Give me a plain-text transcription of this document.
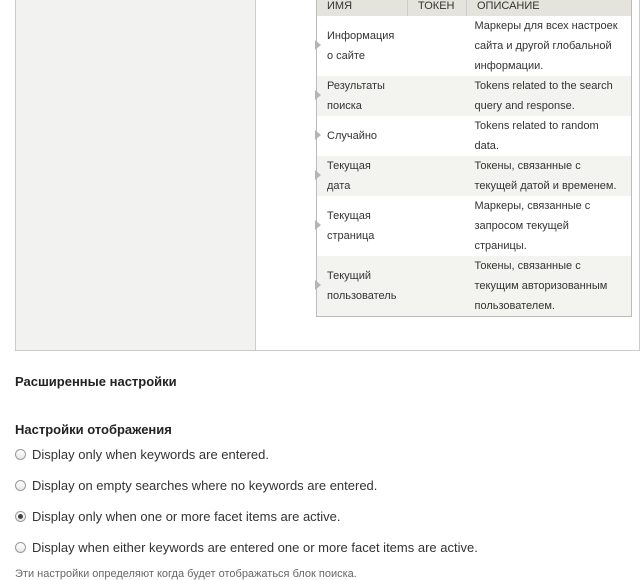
ИМЯ	ТОКЕН	ОПИСАНИЕ

Информация
о сайте		Маркеры для всех настроек
сайта и другой глобальной
информации.

Результаты
поиска		Tokens related to the search
query and response.

Случайно		Tokens related to random
data.

Текущая
дата		Токены, связанные с
текущей датой и временем.

Текущая
страница		Маркеры, связанные с
запросом текущей
страницы.

Текущий
пользователь		Токены, связанные с
текущим авторизованным
пользователем.
Расширенные настройки
Настройки отображения
Display only when keywords are entered.
Display on empty searches where no keywords are entered.
Display only when one or more facet items are active.
Display when either keywords are entered one or more facet items are active.
Эти настройки определяют когда будет отображаться блок поиска.
